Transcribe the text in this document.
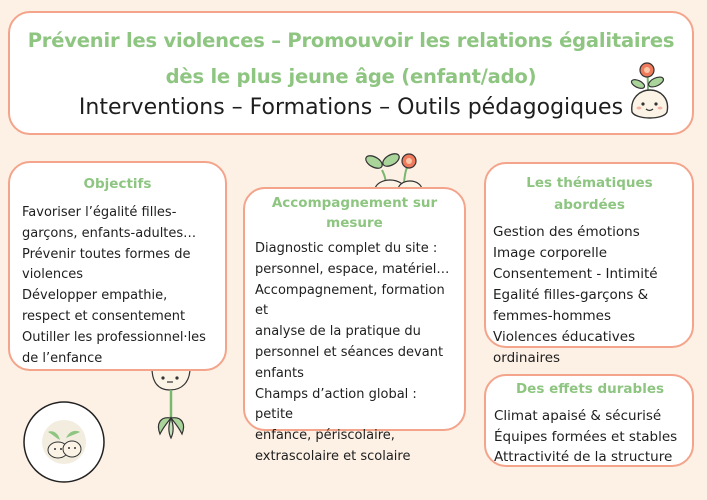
Prévenir les violences – Promouvoir les relations égalitaires
dès le plus jeune âge (enfant/ado)
Interventions – Formations – Outils pédagogiques
Objectifs
Favoriser l’égalité filles-
garçons, enfants-adultes…
Prévenir toutes formes de
violences
Développer empathie,
respect et consentement
Outiller les professionnel·les
de l’enfance
Accompagnement sur
mesure
Diagnostic complet du site :
personnel, espace, matériel…
Accompagnement, formation et
analyse de la pratique du
personnel et séances devant
enfants
Champs d’action global : petite
enfance, périscolaire,
extrascolaire et scolaire
Les thématiques abordées
Gestion des émotions
Image corporelle
Consentement - Intimité
Egalité filles-garçons &
femmes-hommes
Violences éducatives
ordinaires
Des effets durables
Climat apaisé & sécurisé
Équipes formées et stables
Attractivité de la structure
